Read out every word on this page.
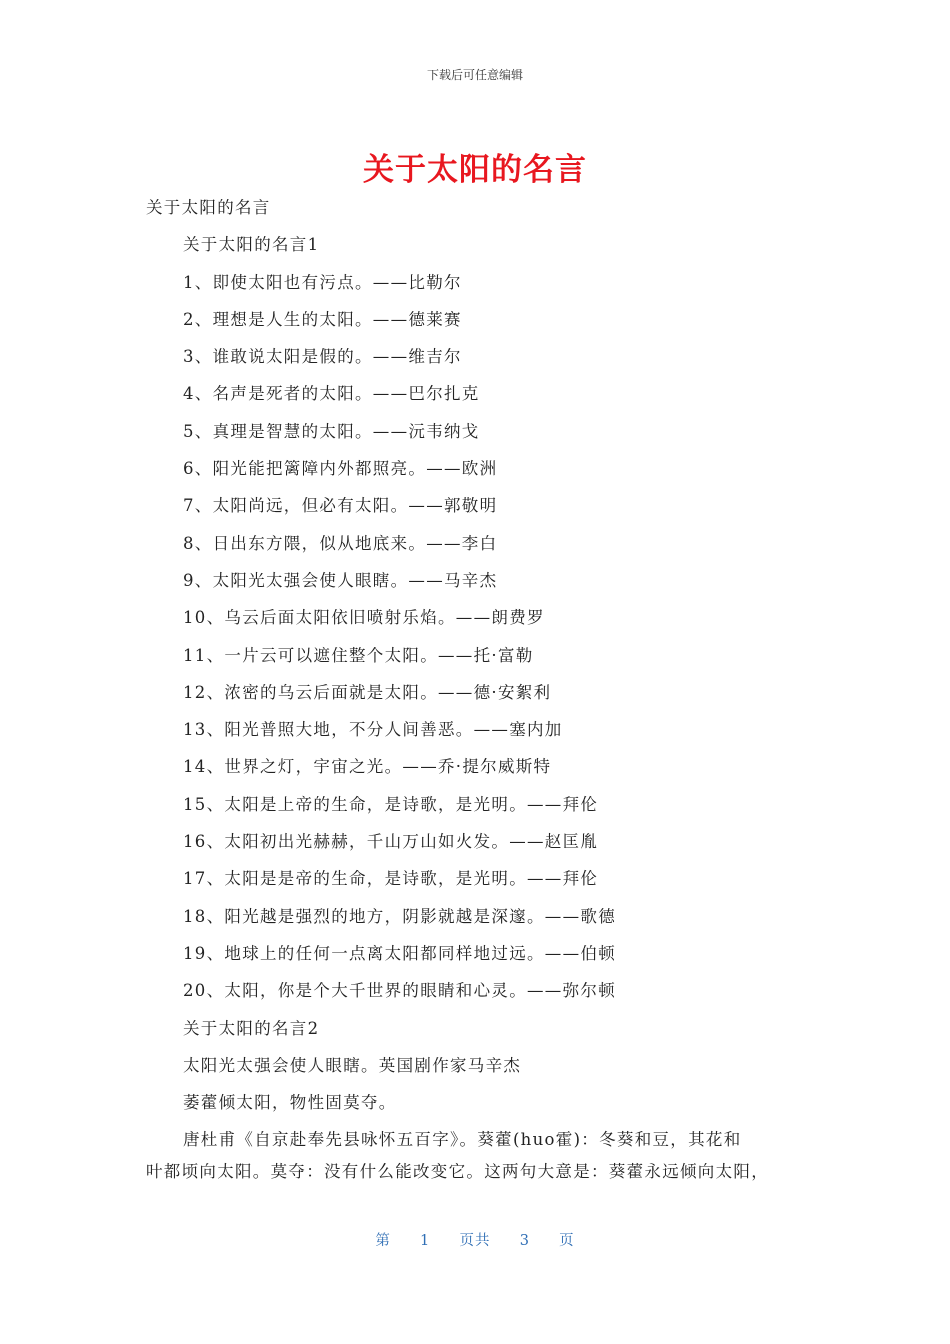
下载后可任意编辑
关于太阳的名言
关于太阳的名言
关于太阳的名言1
1、即使太阳也有污点。——比勒尔
2、理想是人生的太阳。——德莱赛
3、谁敢说太阳是假的。——维吉尔
4、名声是死者的太阳。——巴尔扎克
5、真理是智慧的太阳。——沅韦纳戈
6、阳光能把篱障内外都照亮。——欧洲
7、太阳尚远，但必有太阳。——郭敬明
8、日出东方隈，似从地底来。——李白
9、太阳光太强会使人眼瞎。——马辛杰
10、乌云后面太阳依旧喷射乐焰。——朗费罗
11、一片云可以遮住整个太阳。——托·富勒
12、浓密的乌云后面就是太阳。——德·安絮利
13、阳光普照大地，不分人间善恶。——塞内加
14、世界之灯，宇宙之光。——乔·提尔威斯特
15、太阳是上帝的生命，是诗歌，是光明。——拜伦
16、太阳初出光赫赫，千山万山如火发。——赵匡胤
17、太阳是是帝的生命，是诗歌，是光明。——拜伦
18、阳光越是强烈的地方，阴影就越是深邃。——歌德
19、地球上的任何一点离太阳都同样地过远。——伯顿
20、太阳，你是个大千世界的眼睛和心灵。——弥尔顿
关于太阳的名言2
太阳光太强会使人眼瞎。英国剧作家马辛杰
萎藿倾太阳，物性固莫夺。
唐杜甫《自京赴奉先县咏怀五百字》。葵藿(huo霍)：冬葵和豆，其花和
叶都顷向太阳。莫夺：没有什么能改变它。这两句大意是：葵藿永远倾向太阳，
第 1 页共 3 页
